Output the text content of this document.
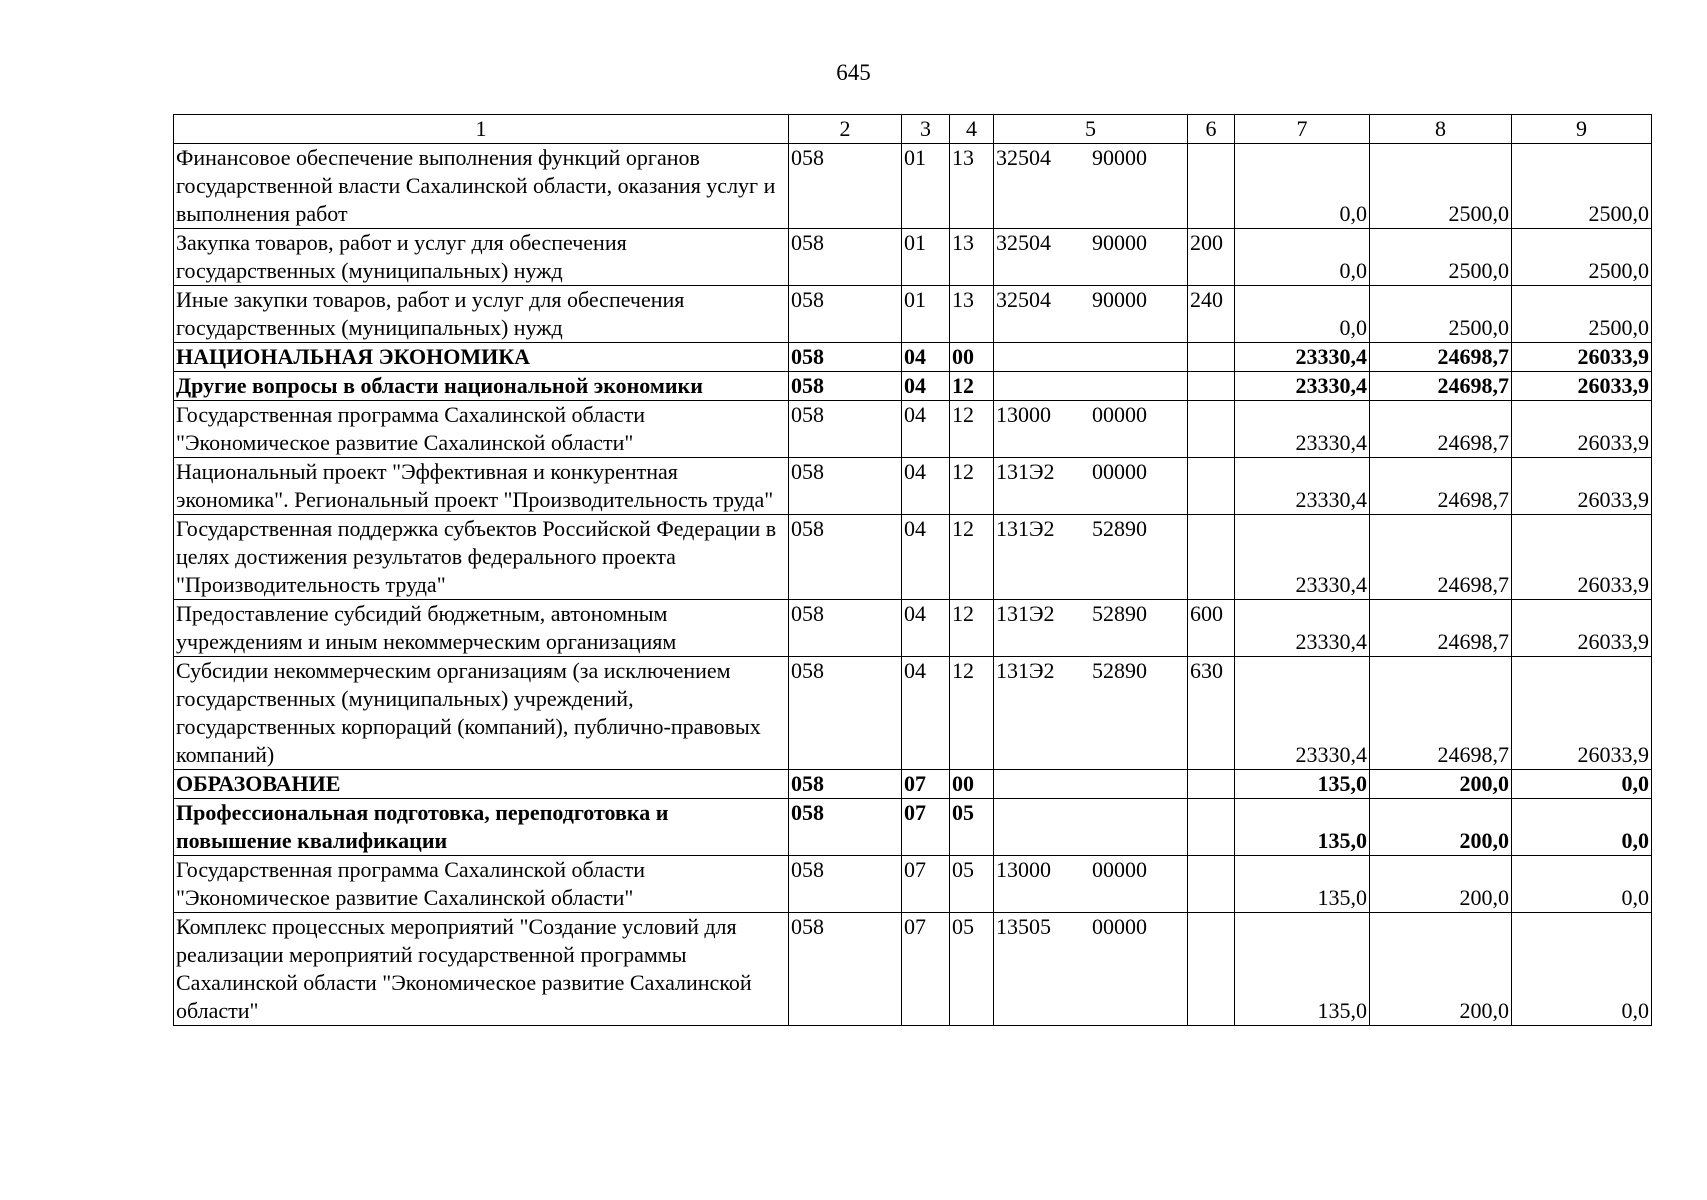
645
1	2	3	4	5	6	7	8	9
Финансовое обеспечение выполнения функций органов государственной власти Сахалинской области, оказания услуг и выполнения работ	058	01	13	32504 90000		0,0	2500,0	2500,0
Закупка товаров, работ и услуг для обеспечения государственных (муниципальных) нужд	058	01	13	32504 90000	200	0,0	2500,0	2500,0
Иные закупки товаров, работ и услуг для обеспечения государственных (муниципальных) нужд	058	01	13	32504 90000	240	0,0	2500,0	2500,0
НАЦИОНАЛЬНАЯ ЭКОНОМИКА	058	04	00			23330,4	24698,7	26033,9
Другие вопросы в области национальной экономики	058	04	12			23330,4	24698,7	26033,9
Государственная программа Сахалинской области "Экономическое развитие Сахалинской области"	058	04	12	13000 00000		23330,4	24698,7	26033,9
Национальный проект "Эффективная и конкурентная экономика". Региональный проект "Производительность труда"	058	04	12	131Э2 00000		23330,4	24698,7	26033,9
Государственная поддержка субъектов Российской Федерации в целях достижения результатов федерального проекта "Производительность труда"	058	04	12	131Э2 52890		23330,4	24698,7	26033,9
Предоставление субсидий бюджетным, автономным учреждениям и иным некоммерческим организациям	058	04	12	131Э2 52890	600	23330,4	24698,7	26033,9
Субсидии некоммерческим организациям (за исключением государственных (муниципальных) учреждений, государственных корпораций (компаний), публично-правовых компаний)	058	04	12	131Э2 52890	630	23330,4	24698,7	26033,9
ОБРАЗОВАНИЕ	058	07	00			135,0	200,0	0,0
Профессиональная подготовка, переподготовка и повышение квалификации	058	07	05			135,0	200,0	0,0
Государственная программа Сахалинской области "Экономическое развитие Сахалинской области"	058	07	05	13000 00000		135,0	200,0	0,0
Комплекс процессных мероприятий "Создание условий для реализации мероприятий государственной программы Сахалинской области "Экономическое развитие Сахалинской области"	058	07	05	13505 00000		135,0	200,0	0,0
